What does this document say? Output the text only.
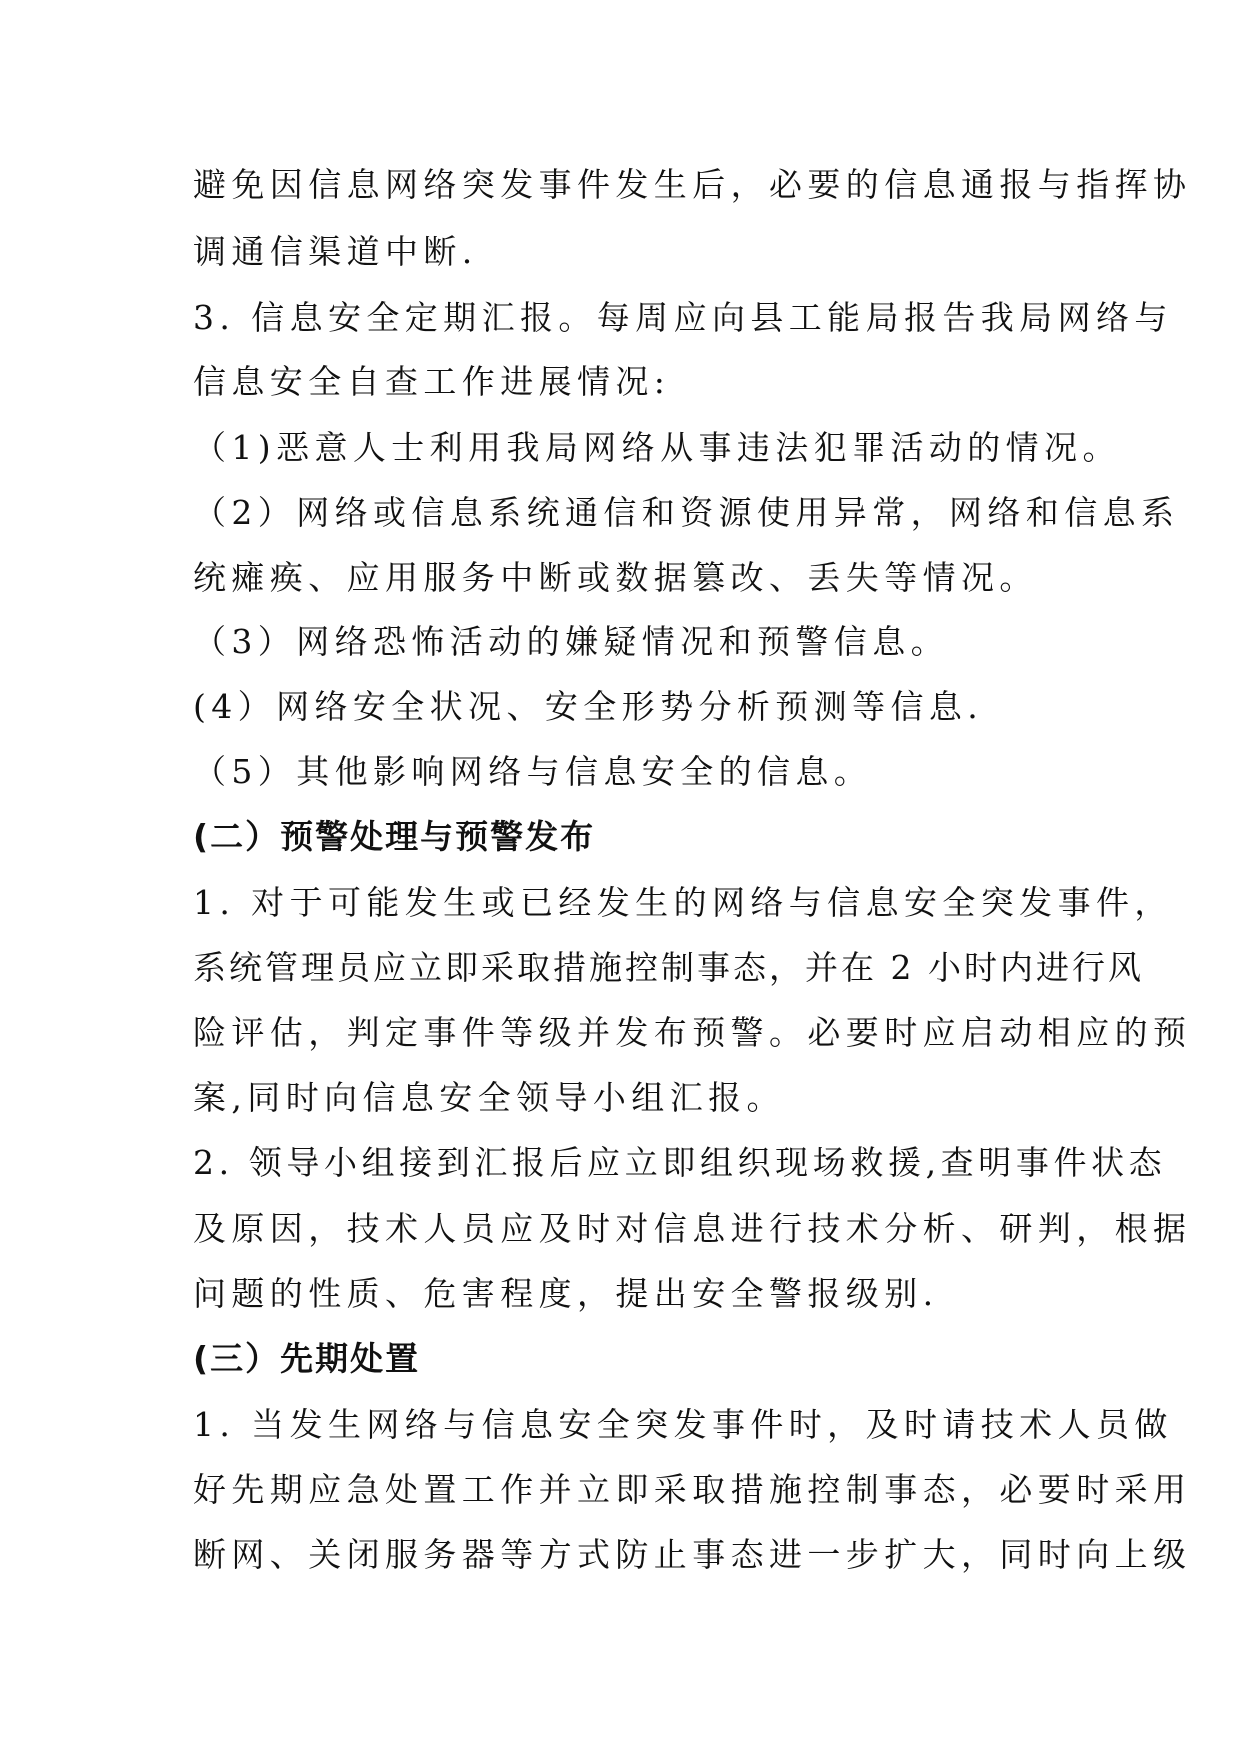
避免因信息网络突发事件发生后，必要的信息通报与指挥协
调通信渠道中断.
3. 信息安全定期汇报。每周应向县工能局报告我局网络与
信息安全自查工作进展情况:
（1)恶意人士利用我局网络从事违法犯罪活动的情况。
（2）网络或信息系统通信和资源使用异常，网络和信息系
统瘫痪、应用服务中断或数据篡改、丢失等情况。
（3）网络恐怖活动的嫌疑情况和预警信息。
(4）网络安全状况、安全形势分析预测等信息.
（5）其他影响网络与信息安全的信息。
(二）预警处理与预警发布
1. 对于可能发生或已经发生的网络与信息安全突发事件，
系统管理员应立即采取措施控制事态，并在 2 小时内进行风
险评估，判定事件等级并发布预警。必要时应启动相应的预
案,同时向信息安全领导小组汇报。
2. 领导小组接到汇报后应立即组织现场救援,查明事件状态
及原因，技术人员应及时对信息进行技术分析、研判，根据
问题的性质、危害程度，提出安全警报级别.
(三）先期处置
1. 当发生网络与信息安全突发事件时，及时请技术人员做
好先期应急处置工作并立即采取措施控制事态，必要时采用
断网、关闭服务器等方式防止事态进一步扩大，同时向上级
